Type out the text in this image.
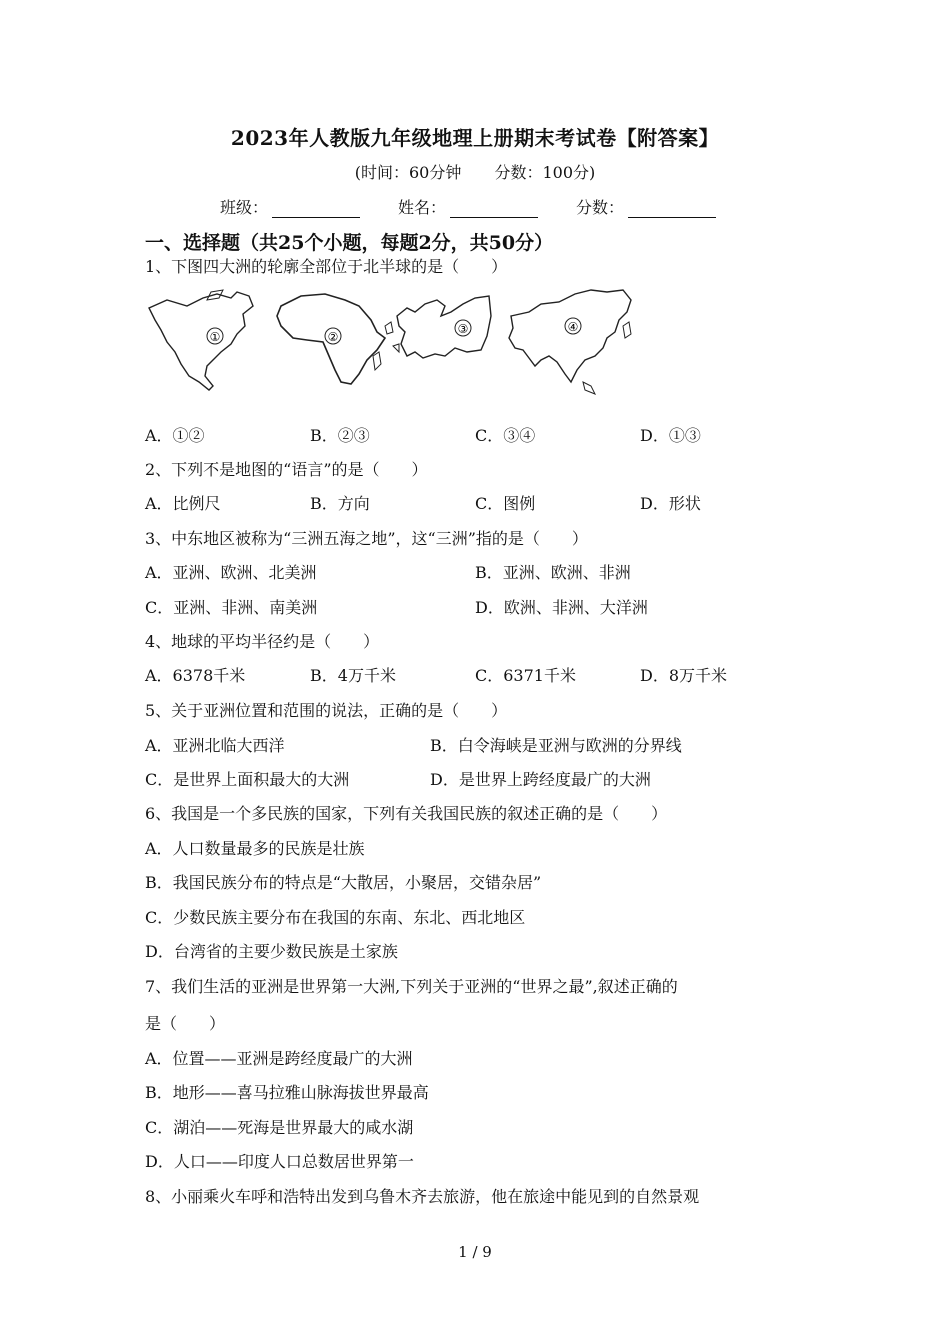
2023年人教版九年级地理上册期末考试卷【附答案】
(时间：60分钟 分数：100分)
班级：	姓名：	分数：
一、选择题（共25个小题，每题2分，共50分）
1、下图四大洲的轮廓全部位于北半球的是（　　）
①	②
③	④
A．①②	B．②③	C．③④	D．①③
2、下列不是地图的“语言”的是（　　）
A．比例尺	B．方向	C．图例	D．形状
3、中东地区被称为“三洲五海之地”，这“三洲”指的是（　　）
A．亚洲、欧洲、北美洲	B．亚洲、欧洲、非洲
C．亚洲、非洲、南美洲	D．欧洲、非洲、大洋洲
4、地球的平均半径约是（　　）
A．6378千米	B．4万千米	C．6371千米	D．8万千米
5、关于亚洲位置和范围的说法，正确的是（　　）
A．亚洲北临大西洋	B．白令海峡是亚洲与欧洲的分界线
C．是世界上面积最大的大洲	D．是世界上跨经度最广的大洲
6、我国是一个多民族的国家，下列有关我国民族的叙述正确的是（　　）
A．人口数量最多的民族是壮族
B．我国民族分布的特点是“大散居，小聚居，交错杂居”
C．少数民族主要分布在我国的东南、东北、西北地区
D．台湾省的主要少数民族是土家族
7、我们生活的亚洲是世界第一大洲,下列关于亚洲的“世界之最”,叙述正确的
是（　　）
A．位置——亚洲是跨经度最广的大洲
B．地形——喜马拉雅山脉海拔世界最高
C．湖泊——死海是世界最大的咸水湖
D．人口——印度人口总数居世界第一
8、小丽乘火车呼和浩特出发到乌鲁木齐去旅游，他在旅途中能见到的自然景观
1 / 9
